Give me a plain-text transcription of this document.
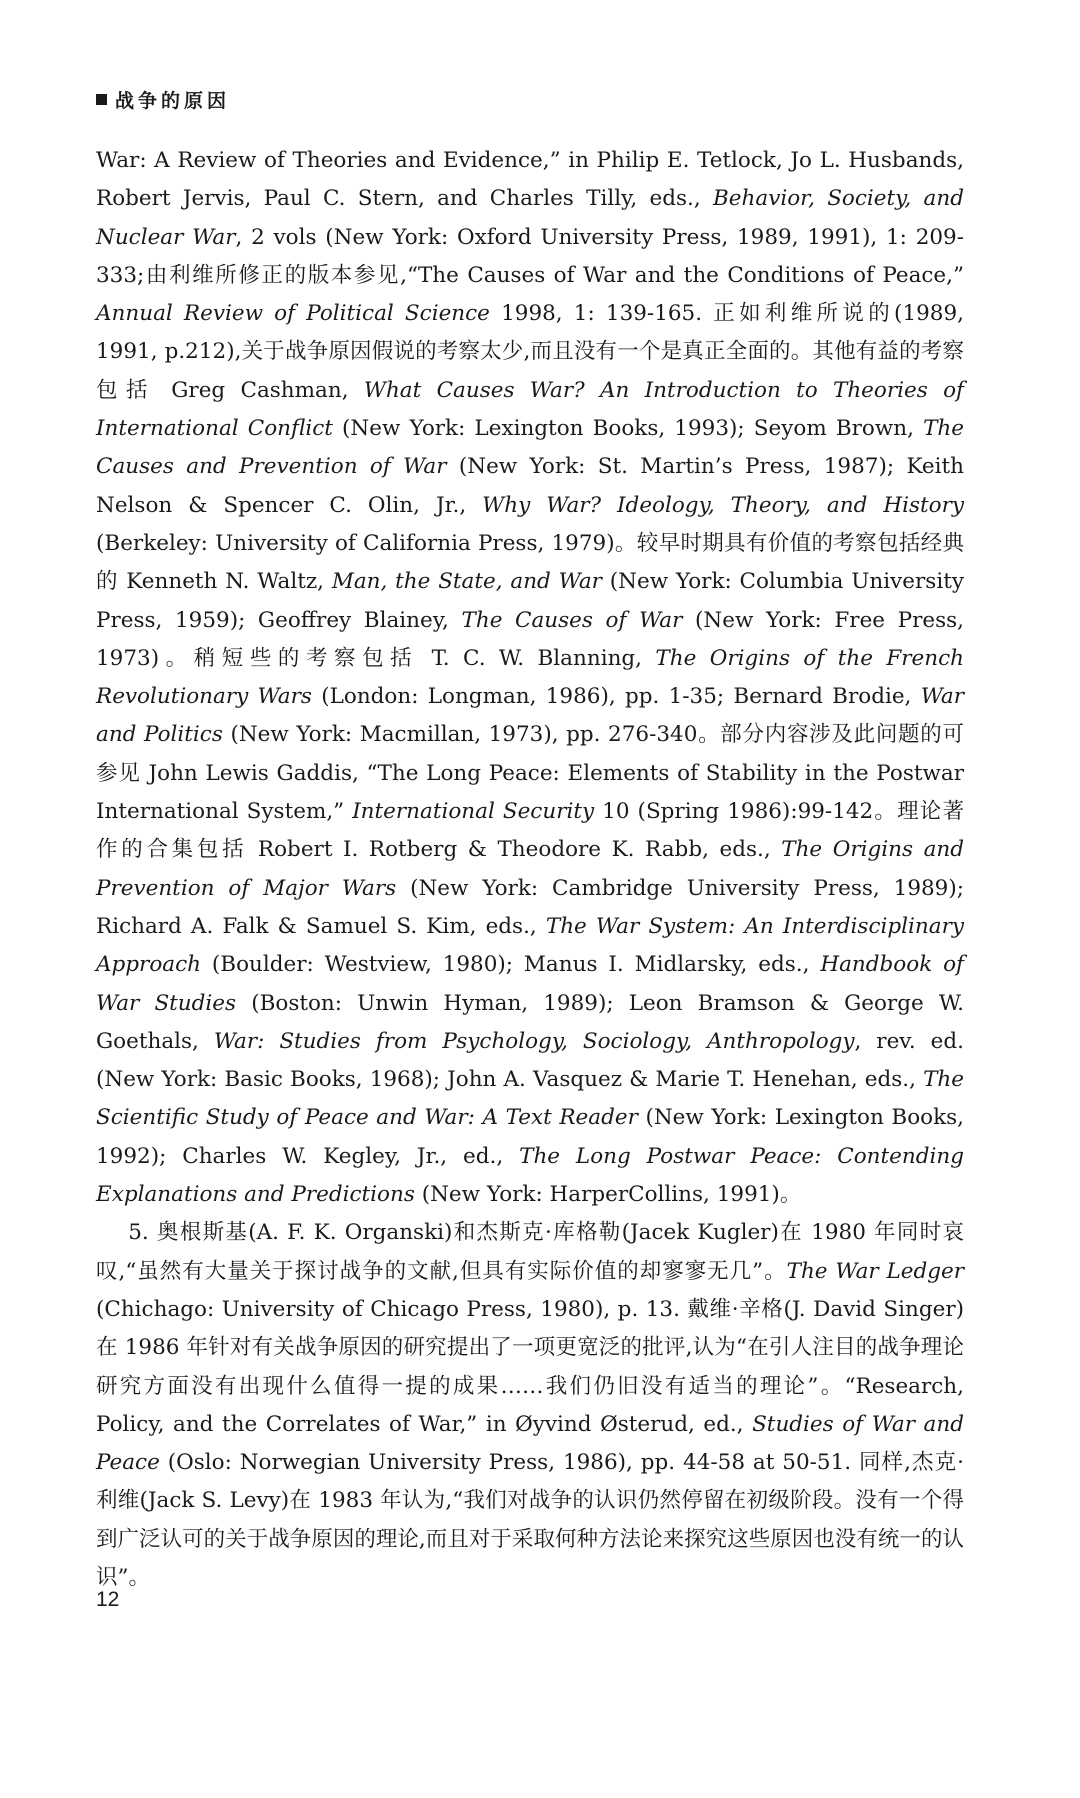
战争的原因

War: A Review of Theories and Evidence,” in Philip E. Tetlock, Jo L. Husbands, Robert Jervis, Paul C. Stern, and Charles Tilly, eds., Behavior, Society, and Nuclear War, 2 vols (New York: Oxford University Press, 1989, 1991), 1: 209-333;由利维所修正的版本参见,“The Causes of War and the Conditions of Peace,” Annual Review of Political Science 1998, 1: 139-165. 正如利维所说的(1989, 1991, p.212),关于战争原因假说的考察太少,而且没有一个是真正全面的。其他有益的考察包括 Greg Cashman, What Causes War? An Introduction to Theories of International Conflict (New York: Lexington Books, 1993); Seyom Brown, The Causes and Prevention of War (New York: St. Martin’s Press, 1987); Keith Nelson & Spencer C. Olin, Jr., Why War? Ideology, Theory, and History (Berkeley: University of California Press, 1979)。较早时期具有价值的考察包括经典的 Kenneth N. Waltz, Man, the State, and War (New York: Columbia University Press, 1959); Geoffrey Blainey, The Causes of War (New York: Free Press, 1973)。稍短些的考察包括 T. C. W. Blanning, The Origins of the French Revolutionary Wars (London: Longman, 1986), pp. 1-35; Bernard Brodie, War and Politics (New York: Macmillan, 1973), pp. 276-340。部分内容涉及此问题的可参见 John Lewis Gaddis, “The Long Peace: Elements of Stability in the Postwar International System,” International Security 10 (Spring 1986):99-142。理论著作的合集包括 Robert I. Rotberg & Theodore K. Rabb, eds., The Origins and Prevention of Major Wars (New York: Cambridge University Press, 1989); Richard A. Falk & Samuel S. Kim, eds., The War System: An Interdisciplinary Approach (Boulder: Westview, 1980); Manus I. Midlarsky, eds., Handbook of War Studies (Boston: Unwin Hyman, 1989); Leon Bramson & George W. Goethals, War: Studies from Psychology, Sociology, Anthropology, rev. ed. (New York: Basic Books, 1968); John A. Vasquez & Marie T. Henehan, eds., The Scientific Study of Peace and War: A Text Reader (New York: Lexington Books, 1992); Charles W. Kegley, Jr., ed., The Long Postwar Peace: Contending Explanations and Predictions (New York: HarperCollins, 1991)。

5. 奥根斯基(A. F. K. Organski)和杰斯克·库格勒(Jacek Kugler)在 1980 年同时哀叹,“虽然有大量关于探讨战争的文献,但具有实际价值的却寥寥无几”。The War Ledger (Chichago: University of Chicago Press, 1980), p. 13. 戴维·辛格(J. David Singer)在 1986 年针对有关战争原因的研究提出了一项更宽泛的批评,认为“在引人注目的战争理论研究方面没有出现什么值得一提的成果……我们仍旧没有适当的理论”。“Research, Policy, and the Correlates of War,” in Øyvind Østerud, ed., Studies of War and Peace (Oslo: Norwegian University Press, 1986), pp. 44-58 at 50-51. 同样,杰克·利维(Jack S. Levy)在 1983 年认为,“我们对战争的认识仍然停留在初级阶段。没有一个得到广泛认可的关于战争原因的理论,而且对于采取何种方法论来探究这些原因也没有统一的认识”。

12
